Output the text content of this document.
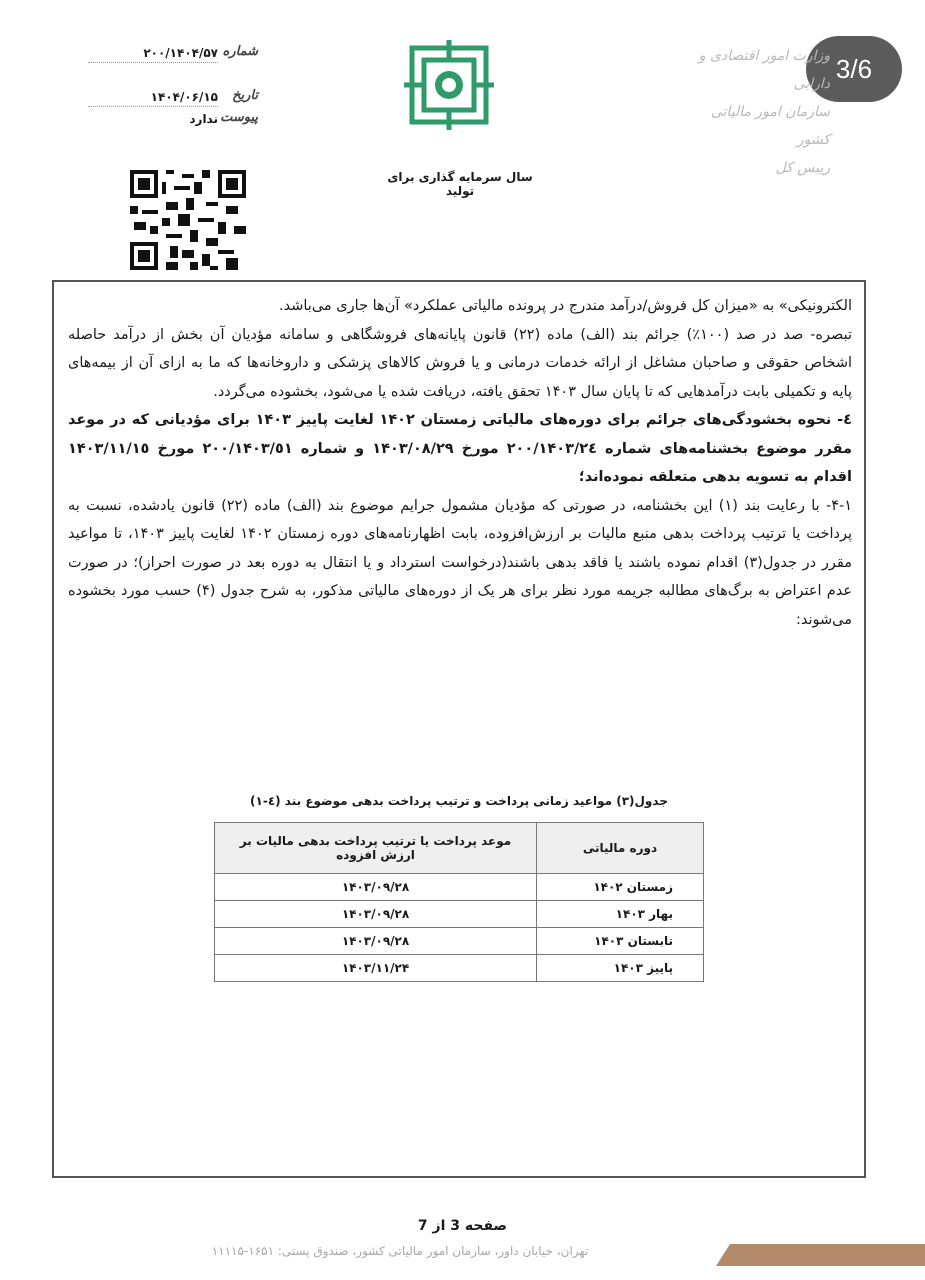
3/6
شماره
۲۰۰/۱۴۰۴/۵۷
تاریخ
۱۴۰۴/۰۶/۱۵
پیوست
ندارد
سال سرمایه گذاری برای تولید
وزارت امور اقتصادی و دارایی
سازمان امور مالیاتی کشور
رییس کل

الکترونیکی» به «میزان کل فروش/درآمد مندرج در پرونده مالیاتی عملکرد» آن‌ها جاری می‌باشد.

تبصره- صد در صد (۱۰۰٪) جرائم بند (الف) ماده (۲۲) قانون پایانه‌های فروشگاهی و سامانه مؤدیان آن بخش از درآمد حاصله اشخاص حقوقی و صاحبان مشاغل از ارائه خدمات درمانی و یا فروش کالاهای پزشکی و داروخانه‌ها که ما به ازای آن از بیمه‌های پایه و تکمیلی بابت درآمدهایی که تا پایان سال ۱۴۰۳ تحقق یافته، دریافت شده یا می‌شود، بخشوده می‌گردد.

٤- نحوه بخشودگی‌های جرائم برای دوره‌های مالیاتی زمستان ۱۴۰۲ لغایت پاییز ۱۴۰۳ برای مؤدیانی که در موعد مقرر موضوع بخشنامه‌های شماره ۲۰۰/۱۴۰۳/۲٤ مورخ ۱۴۰۳/۰۸/۲۹ و شماره ۲۰۰/۱۴۰۳/٥۱ مورخ ۱۴۰۳/۱۱/۱٥ اقدام به تسویه بدهی متعلقه نموده‌اند؛

۴-۱- با رعایت بند (۱) این بخشنامه، در صورتی که مؤدیان مشمول جرایم موضوع بند (الف) ماده (۲۲) قانون یادشده، نسبت به پرداخت یا ترتیب پرداخت بدهی منبع مالیات بر ارزش‌افزوده، بابت اظهارنامه‌های دوره زمستان ۱۴۰۲ لغایت پاییز ۱۴۰۳، تا مواعید مقرر در جدول(۳) اقدام نموده باشند یا فاقد بدهی باشند(درخواست استرداد و یا انتقال به دوره بعد در صورت احراز)؛ در صورت عدم اعتراض به برگ‌های مطالبه جریمه مورد نظر برای هر یک از دوره‌های مالیاتی مذکور، به شرح جدول (۴) حسب مورد بخشوده می‌شوند:

جدول(۳) مواعید زمانی پرداخت و ترتیب پرداخت بدهی موضوع بند (٤-١)
دوره مالیاتی	موعد پرداخت یا ترتیب پرداخت بدهی مالیات بر ارزش افزوده
زمستان ۱۴۰۲	۱۴۰۳/۰۹/۲۸
بهار ۱۴۰۳	۱۴۰۳/۰۹/۲۸
تابستان ۱۴۰۳	۱۴۰۳/۰۹/۲۸
پاییز ۱۴۰۳	۱۴۰۳/۱۱/۲۴
صفحه 3 از 7
تهران، خیابان داور، سازمان امور مالیاتی کشور، صندوق پستی: ۱۶۵۱-۱۱۱۱۵
